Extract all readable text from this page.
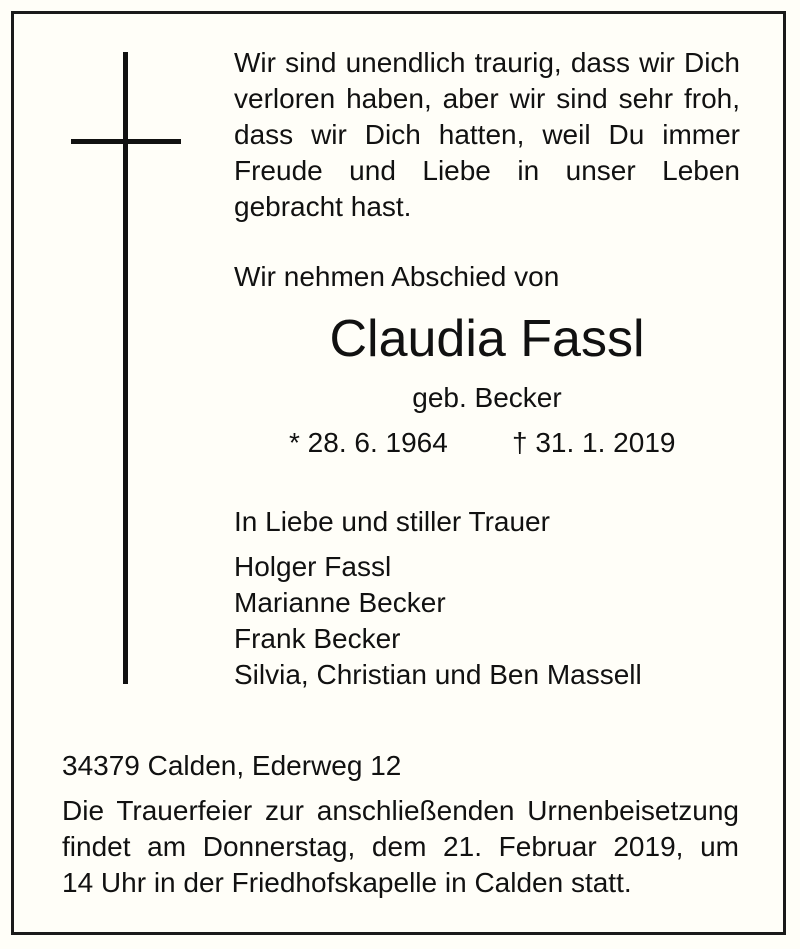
Wir sind unendlich traurig, dass wir Dich
verloren haben, aber wir sind sehr froh,
dass wir Dich hatten, weil Du immer
Freude und Liebe in unser Leben
gebracht hast.
Wir nehmen Abschied von
Claudia Fassl
geb. Becker
* 28. 6. 1964 † 31. 1. 2019
In Liebe und stiller Trauer
Holger Fassl
Marianne Becker
Frank Becker
Silvia, Christian und Ben Massell
34379 Calden, Ederweg 12
Die Trauerfeier zur anschließenden Urnenbeisetzung
findet am Donnerstag, dem 21. Februar 2019, um
14 Uhr in der Friedhofskapelle in Calden statt.
